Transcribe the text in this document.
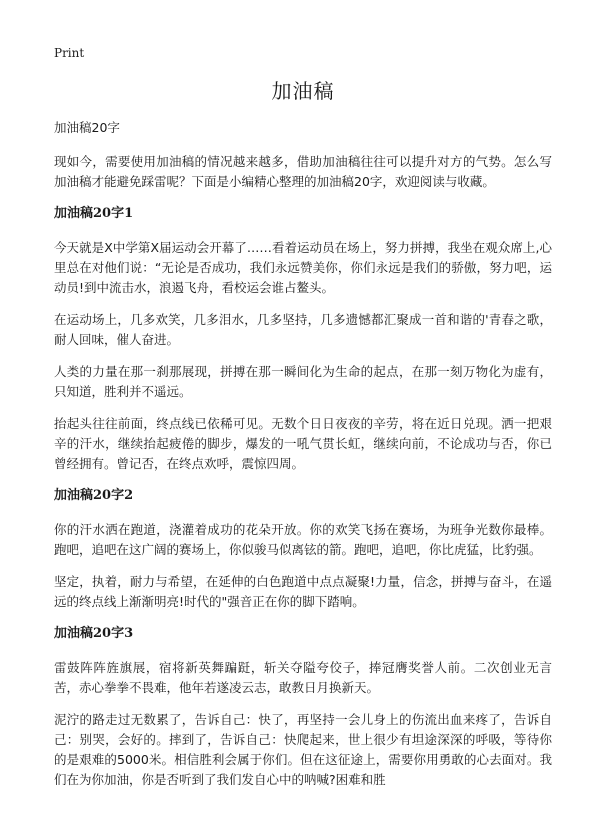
Print
加油稿
加油稿20字
现如今，需要使用加油稿的情况越来越多，借助加油稿往往可以提升对方的气势。怎么写加油稿才能避免踩雷呢？下面是小编精心整理的加油稿20字，欢迎阅读与收藏。
加油稿20字1
今天就是X中学第X届运动会开幕了……看着运动员在场上，努力拼搏，我坐在观众席上,心里总在对他们说：“无论是否成功，我们永远赞美你，你们永远是我们的骄傲，努力吧，运动员!到中流击水，浪遏飞舟，看校运会谁占鳌头。
在运动场上，几多欢笑，几多泪水，几多坚持，几多遗憾都汇聚成一首和谐的'青春之歌，耐人回味，催人奋进。
人类的力量在那一刹那展现，拼搏在那一瞬间化为生命的起点，在那一刻万物化为虚有，只知道，胜利并不遥远。
抬起头往往前面，终点线已依稀可见。无数个日日夜夜的辛劳，将在近日兑现。洒一把艰辛的汗水，继续抬起疲倦的脚步，爆发的一吼气贯长虹，继续向前，不论成功与否，你已曾经拥有。曾记否，在终点欢呼，震惊四周。
加油稿20字2
你的汗水洒在跑道，浇灌着成功的花朵开放。你的欢笑飞扬在赛场，为班争光数你最棒。跑吧，追吧在这广阔的赛场上，你似骏马似离铉的箭。跑吧，追吧，你比虎猛，比豹强。
坚定，执着，耐力与希望，在延伸的白色跑道中点点凝聚!力量，信念，拼搏与奋斗，在遥远的终点线上渐渐明亮!时代的"强音正在你的脚下踏响。
加油稿20字3
雷鼓阵阵旌旗展，宿将新英舞蹁跹，斩关夺隘夸佼子，捧冠膺奖誉人前。二次创业无言苦，赤心拳拳不畏难，他年若遂凌云志，敢教日月换新天。
泥泞的路走过无数累了，告诉自己：快了，再坚持一会儿身上的伤流出血来疼了，告诉自己：别哭，会好的。摔到了，告诉自己：快爬起来，世上很少有坦途深深的呼吸，等待你的是艰难的5000米。相信胜利会属于你们。但在这征途上，需要你用勇敢的心去面对。我们在为你加油，你是否听到了我们发自心中的呐喊?困难和胜
